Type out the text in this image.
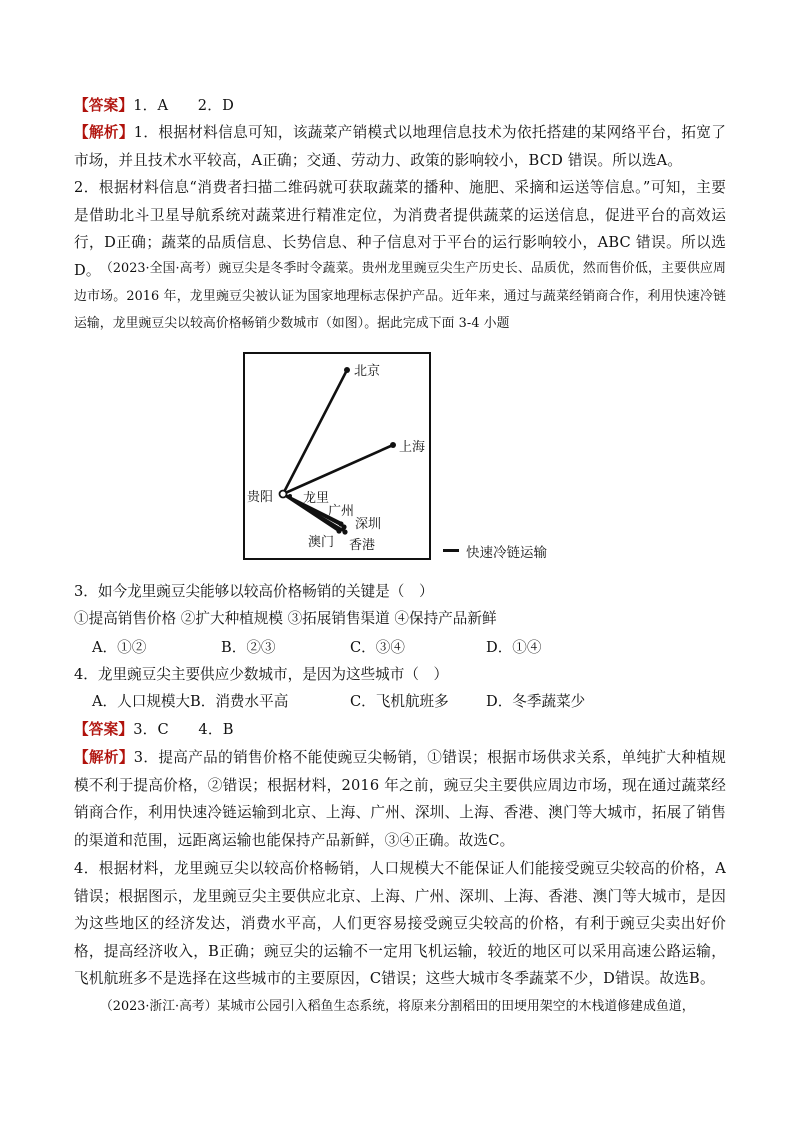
【答案】1．A　　2．D
【解析】1．根据材料信息可知，该蔬菜产销模式以地理信息技术为依托搭建的某网络平台，拓宽了市场，并且技术水平较高，A正确；交通、劳动力、政策的影响较小，BCD 错误。所以选A。
2．根据材料信息“消费者扫描二维码就可获取蔬菜的播种、施肥、采摘和运送等信息。”可知，主要是借助北斗卫星导航系统对蔬菜进行精准定位，为消费者提供蔬菜的运送信息，促进平台的高效运行，D正确；蔬菜的品质信息、长势信息、种子信息对于平台的运行影响较小，ABC 错误。所以选D。 （2023·全国·高考）豌豆尖是冬季时令蔬菜。贵州龙里豌豆尖生产历史长、品质优，然而售价低，主要供应周边市场。2016 年，龙里豌豆尖被认证为国家地理标志保护产品。近年来，通过与蔬菜经销商合作，利用快速冷链运输，龙里豌豆尖以较高价格畅销少数城市（如图）。据此完成下面 3-4 小题
北京
上海
贵阳 龙里
广州
深圳
澳门 香港	快速冷链运输
3．如今龙里豌豆尖能够以较高价格畅销的关键是（　）
①提高销售价格 ②扩大种植规模 ③拓展销售渠道 ④保持产品新鲜
A．①②	B．②③	C．③④	D．①④
4．龙里豌豆尖主要供应少数城市，是因为这些城市（　）
A．人口规模大 B．消费水平高	C．飞机航班多	D．冬季蔬菜少
【答案】3．C　　4．B
【解析】3．提高产品的销售价格不能使豌豆尖畅销，①错误；根据市场供求关系，单纯扩大种植规模不利于提高价格，②错误；根据材料，2016 年之前，豌豆尖主要供应周边市场，现在通过蔬菜经销商合作，利用快速冷链运输到北京、上海、广州、深圳、上海、香港、澳门等大城市，拓展了销售的渠道和范围，远距离运输也能保持产品新鲜，③④正确。故选C。
4．根据材料，龙里豌豆尖以较高价格畅销，人口规模大不能保证人们能接受豌豆尖较高的价格，A错误；根据图示，龙里豌豆尖主要供应北京、上海、广州、深圳、上海、香港、澳门等大城市，是因为这些地区的经济发达，消费水平高，人们更容易接受豌豆尖较高的价格，有利于豌豆尖卖出好价格，提高经济收入，B正确；豌豆尖的运输不一定用飞机运输，较近的地区可以采用高速公路运输，飞机航班多不是选择在这些城市的主要原因，C错误；这些大城市冬季蔬菜不少，D错误。故选B。
（2023·浙江·高考）某城市公园引入稻鱼生态系统，将原来分割稻田的田埂用架空的木栈道修建成鱼道，
